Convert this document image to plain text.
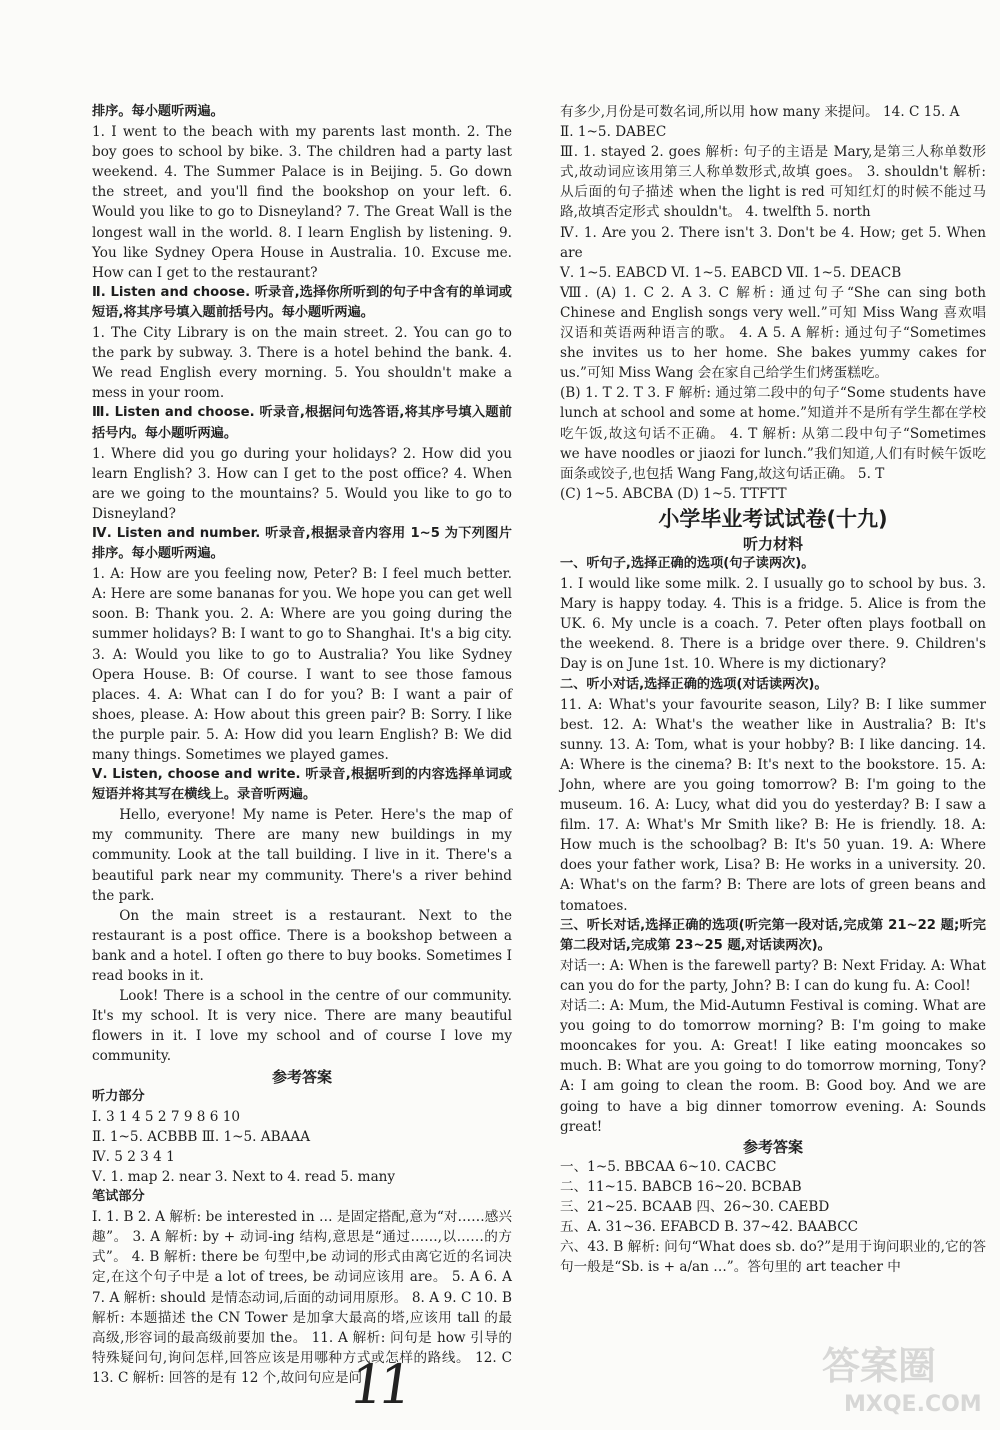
排序。每小题听两遍。

1. I went to the beach with my parents last month. 2. The boy goes to school by bike. 3. The children had a party last weekend. 4. The Summer Palace is in Beijing. 5. Go down the street, and you'll find the bookshop on your left. 6. Would you like to go to Disneyland? 7. The Great Wall is the longest wall in the world. 8. I learn English by listening. 9. You like Sydney Opera House in Australia. 10. Excuse me. How can I get to the restaurant?

Ⅱ. Listen and choose. 听录音,选择你所听到的句子中含有的单词或短语,将其序号填入题前括号内。每小题听两遍。

1. The City Library is on the main street. 2. You can go to the park by subway. 3. There is a hotel behind the bank. 4. We read English every morning. 5. You shouldn't make a mess in your room.

Ⅲ. Listen and choose. 听录音,根据问句选答语,将其序号填入题前括号内。每小题听两遍。

1. Where did you go during your holidays? 2. How did you learn English? 3. How can I get to the post office? 4. When are we going to the mountains? 5. Would you like to go to Disneyland?

Ⅳ. Listen and number. 听录音,根据录音内容用 1~5 为下列图片排序。每小题听两遍。

1. A: How are you feeling now, Peter? B: I feel much better. A: Here are some bananas for you. We hope you can get well soon. B: Thank you. 2. A: Where are you going during the summer holidays? B: I want to go to Shanghai. It's a big city. 3. A: Would you like to go to Australia? You like Sydney Opera House. B: Of course. I want to see those famous places. 4. A: What can I do for you? B: I want a pair of shoes, please. A: How about this green pair? B: Sorry. I like the purple pair. 5. A: How did you learn English? B: We did many things. Sometimes we played games.

Ⅴ. Listen, choose and write. 听录音,根据听到的内容选择单词或短语并将其写在横线上。录音听两遍。

Hello, everyone! My name is Peter. Here's the map of my community. There are many new buildings in my community. Look at the tall building. I live in it. There's a beautiful park near my community. There's a river behind the park.

On the main street is a restaurant. Next to the restaurant is a post office. There is a bookshop between a bank and a hotel. I often go there to buy books. Sometimes I read books in it.

Look! There is a school in the centre of our community. It's my school. It is very nice. There are many beautiful flowers in it. I love my school and of course I love my community.

参考答案

听力部分

Ⅰ. 3 1 4 5 2 7 9 8 6 10

Ⅱ. 1~5. ACBBB Ⅲ. 1~5. ABAAA

Ⅳ. 5 2 3 4 1

Ⅴ. 1. map 2. near 3. Next to 4. read 5. many

笔试部分

Ⅰ. 1. B 2. A 解析: be interested in … 是固定搭配,意为“对……感兴趣”。 3. A 解析: by + 动词-ing 结构,意思是“通过……,以……的方式”。 4. B 解析: there be 句型中,be 动词的形式由离它近的名词决定,在这个句子中是 a lot of trees, be 动词应该用 are。 5. A 6. A 7. A 解析: should 是情态动词,后面的动词用原形。 8. A 9. C 10. B 解析: 本题描述 the CN Tower 是加拿大最高的塔,应该用 tall 的最高级,形容词的最高级前要加 the。 11. A 解析: 问句是 how 引导的特殊疑问句,询问怎样,回答应该是用哪种方式或怎样的路线。 12. C 13. C 解析: 回答的是有 12 个,故问句应是问

有多少,月份是可数名词,所以用 how many 来提问。 14. C 15. A

Ⅱ. 1~5. DABEC

Ⅲ. 1. stayed 2. goes 解析: 句子的主语是 Mary,是第三人称单数形式,故动词应该用第三人称单数形式,故填 goes。 3. shouldn't 解析: 从后面的句子描述 when the light is red 可知红灯的时候不能过马路,故填否定形式 shouldn't。 4. twelfth 5. north

Ⅳ. 1. Are you 2. There isn't 3. Don't be 4. How; get 5. When are

Ⅴ. 1~5. EABCD Ⅵ. 1~5. EABCD Ⅶ. 1~5. DEACB

Ⅷ. (A) 1. C 2. A 3. C 解析: 通过句子“She can sing both Chinese and English songs very well.”可知 Miss Wang 喜欢唱汉语和英语两种语言的歌。 4. A 5. A 解析: 通过句子“Sometimes she invites us to her home. She bakes yummy cakes for us.”可知 Miss Wang 会在家自己给学生们烤蛋糕吃。

(B) 1. T 2. T 3. F 解析: 通过第二段中的句子“Some students have lunch at school and some at home.”知道并不是所有学生都在学校吃午饭,故这句话不正确。 4. T 解析: 从第二段中句子“Sometimes we have noodles or jiaozi for lunch.”我们知道,人们有时候午饭吃面条或饺子,也包括 Wang Fang,故这句话正确。 5. T

(C) 1~5. ABCBA (D) 1~5. TTFTT

小学毕业考试试卷(十九)

听力材料

一、听句子,选择正确的选项(句子读两次)。

1. I would like some milk. 2. I usually go to school by bus. 3. Mary is happy today. 4. This is a fridge. 5. Alice is from the UK. 6. My uncle is a coach. 7. Peter often plays football on the weekend. 8. There is a bridge over there. 9. Children's Day is on June 1st. 10. Where is my dictionary?

二、听小对话,选择正确的选项(对话读两次)。

11. A: What's your favourite season, Lily? B: I like summer best. 12. A: What's the weather like in Australia? B: It's sunny. 13. A: Tom, what is your hobby? B: I like dancing. 14. A: Where is the cinema? B: It's next to the bookstore. 15. A: John, where are you going tomorrow? B: I'm going to the museum. 16. A: Lucy, what did you do yesterday? B: I saw a film. 17. A: What's Mr Smith like? B: He is friendly. 18. A: How much is the schoolbag? B: It's 50 yuan. 19. A: Where does your father work, Lisa? B: He works in a university. 20. A: What's on the farm? B: There are lots of green beans and tomatoes.

三、听长对话,选择正确的选项(听完第一段对话,完成第 21~22 题;听完第二段对话,完成第 23~25 题,对话读两次)。

对话一: A: When is the farewell party? B: Next Friday. A: What can you do for the party, John? B: I can do kung fu. A: Cool!

对话二: A: Mum, the Mid-Autumn Festival is coming. What are you going to do tomorrow morning? B: I'm going to make mooncakes for you. A: Great! I like eating mooncakes so much. B: What are you going to do tomorrow morning, Tony? A: I am going to clean the room. B: Good boy. And we are going to have a big dinner tomorrow evening. A: Sounds great!

参考答案

一、1~5. BBCAA 6~10. CACBC

二、11~15. BABCB 16~20. BCBAB

三、21~25. BCAAB 四、26~30. CAEBD

五、A. 31~36. EFABCD B. 37~42. BAABCC

六、43. B 解析: 问句“What does sb. do?”是用于询问职业的,它的答句一般是“Sb. is + a/an …”。答句里的 art teacher 中

11	答案圈
MXQE.COM
